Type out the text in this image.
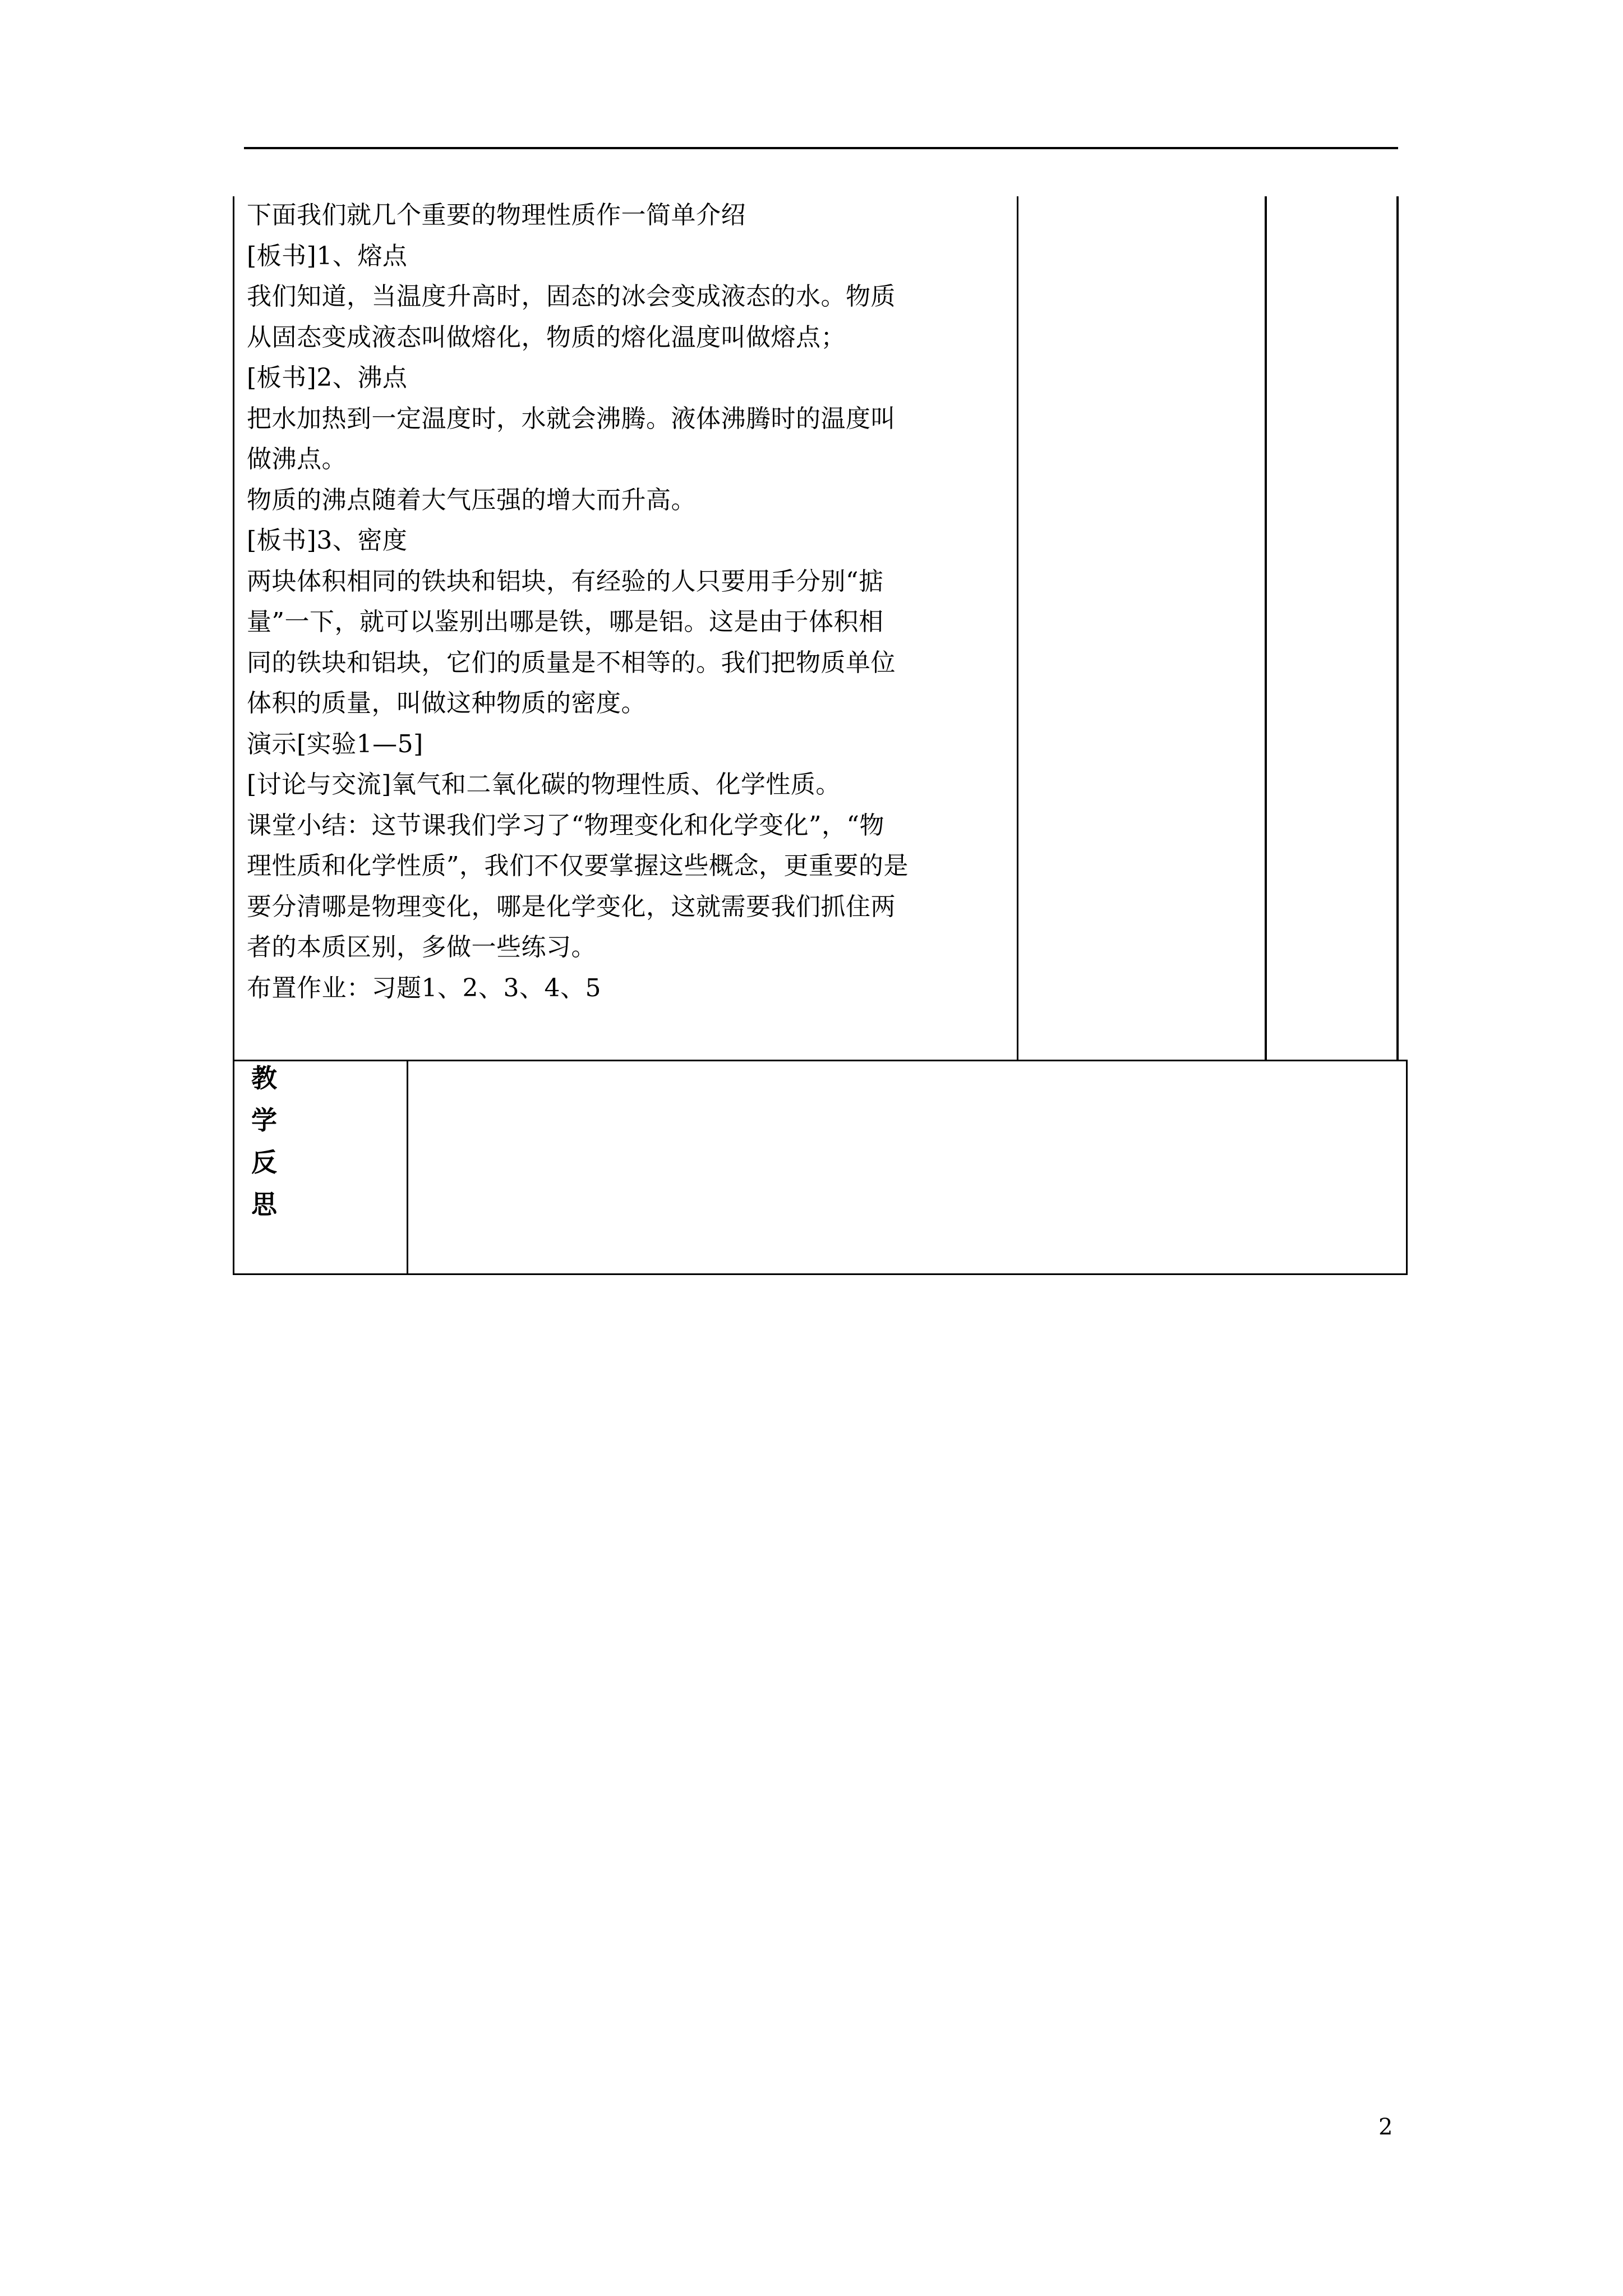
下面我们就几个重要的物理性质作一简单介绍

[板书]1、熔点

我们知道，当温度升高时，固态的冰会变成液态的水。物质

从固态变成液态叫做熔化，物质的熔化温度叫做熔点；

[板书]2、沸点

把水加热到一定温度时，水就会沸腾。液体沸腾时的温度叫

做沸点。

物质的沸点随着大气压强的增大而升高。

[板书]3、密度

两块体积相同的铁块和铝块，有经验的人只要用手分别“掂

量”一下，就可以鉴别出哪是铁，哪是铝。这是由于体积相

同的铁块和铝块，它们的质量是不相等的。我们把物质单位

体积的质量，叫做这种物质的密度。

演示[实验1—5]

[讨论与交流]氧气和二氧化碳的物理性质、化学性质。

课堂小结：这节课我们学习了“物理变化和化学变化”，“物

理性质和化学性质”，我们不仅要掌握这些概念，更重要的是

要分清哪是物理变化，哪是化学变化，这就需要我们抓住两

者的本质区别，多做一些练习。

布置作业：习题1、2、3、4、5

教
学
反
思
2
